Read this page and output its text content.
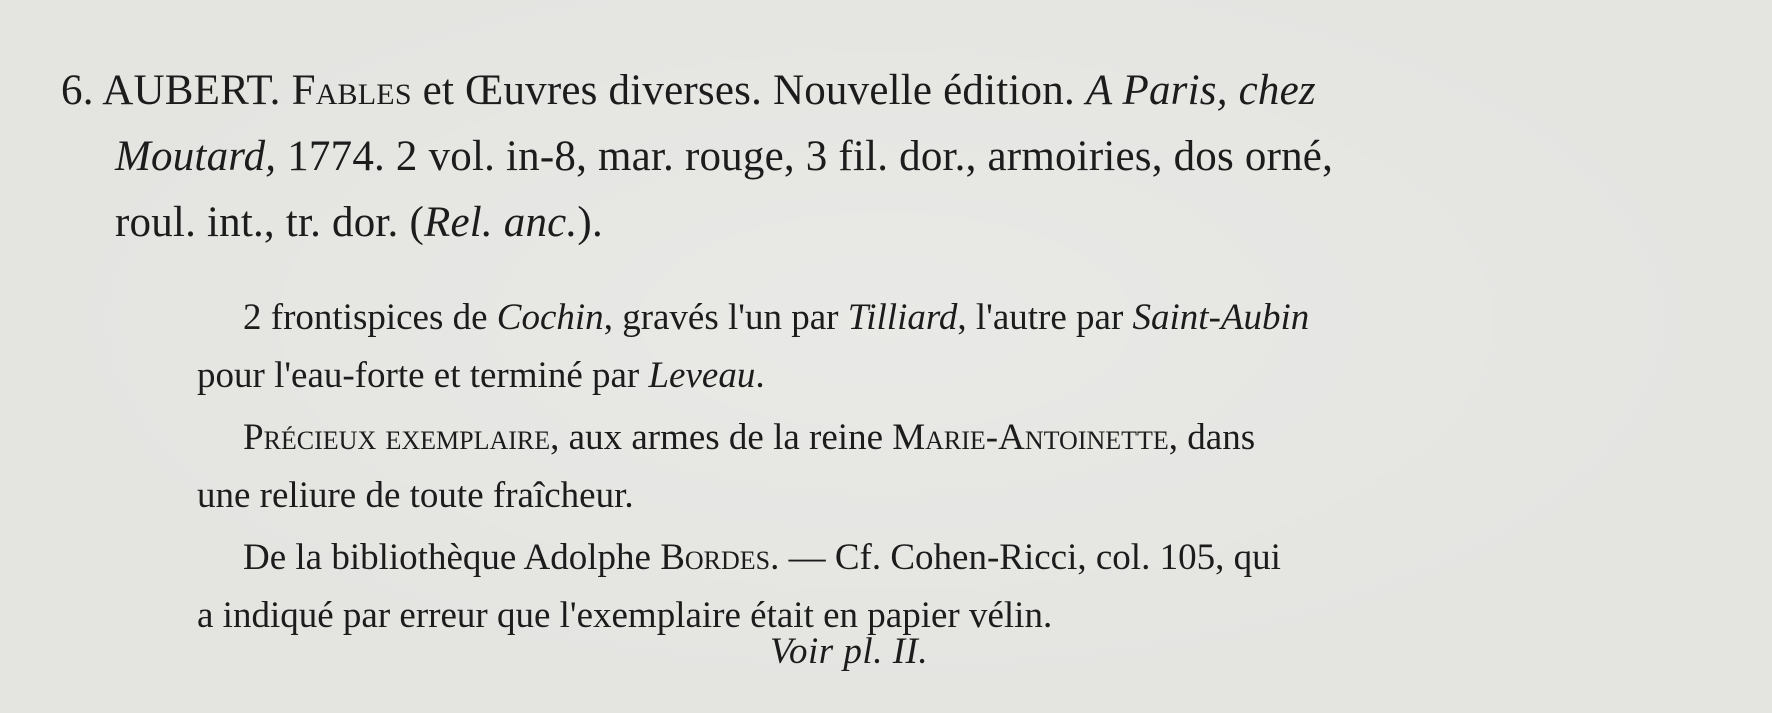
6. AUBERT. Fables et Œuvres diverses. Nouvelle édition. A Paris, chez
Moutard, 1774. 2 vol. in-8, mar. rouge, 3 fil. dor., armoiries, dos orné,
roul. int., tr. dor. (Rel. anc.).

2 frontispices de Cochin, gravés l'un par Tilliard, l'autre par Saint-Aubin
pour l'eau-forte et terminé par Leveau.

Précieux exemplaire, aux armes de la reine Marie-Antoinette, dans
une reliure de toute fraîcheur.

De la bibliothèque Adolphe Bordes. — Cf. Cohen-Ricci, col. 105, qui
a indiqué par erreur que l'exemplaire était en papier vélin.

Voir pl. II.
